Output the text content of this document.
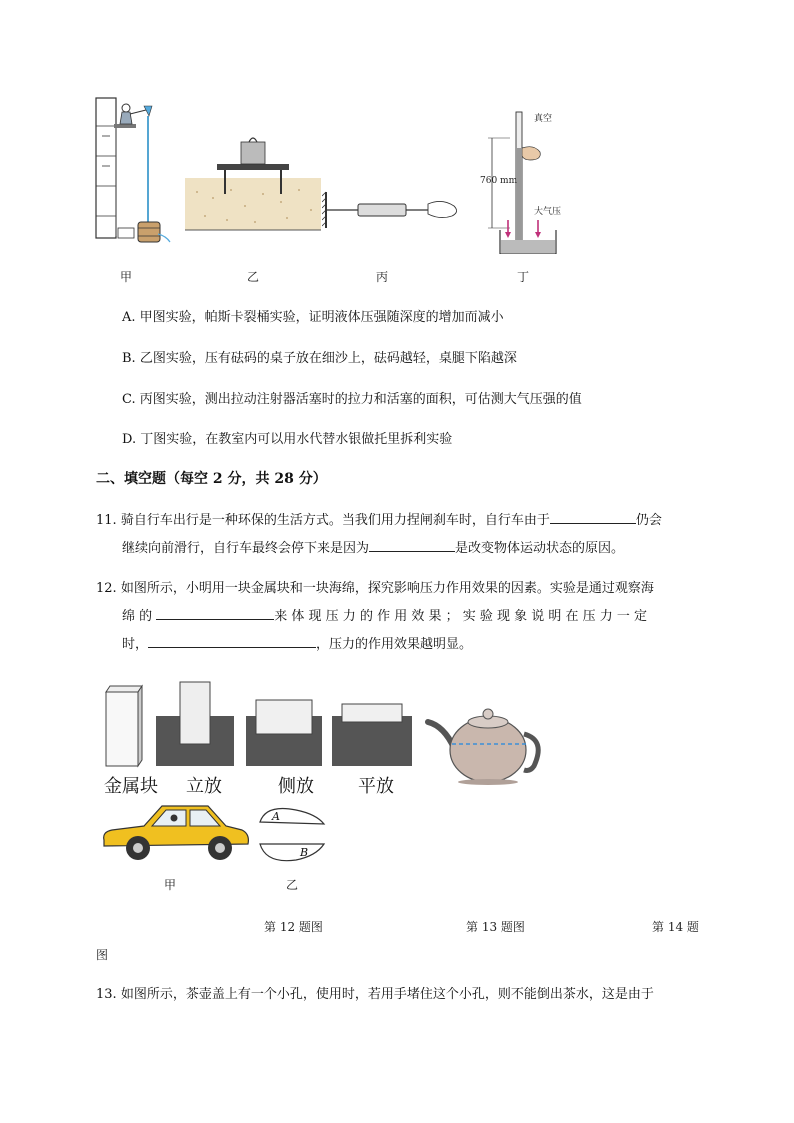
真空
760 mm
大气压
甲	乙	丙	丁
A. 甲图实验，帕斯卡裂桶实验，证明液体压强随深度的增加而减小
B. 乙图实验，压有砝码的桌子放在细沙上，砝码越轻，桌腿下陷越深
C. 丙图实验，测出拉动注射器活塞时的拉力和活塞的面积，可估测大气压强的值
D. 丁图实验，在教室内可以用水代替水银做托里拆利实验
二、填空题（每空 2 分，共 28 分）
11. 骑自行车出行是一种环保的生活方式。当我们用力捏闸刹车时，自行车由于	仍会
继续向前滑行，自行车最终会停下来是因为	是改变物体运动状态的原因。
12. 如图所示，小明用一块金属块和一块海绵，探究影响压力作用效果的因素。实验是通过观察海
绵 的	来 体 现 压 力 的 作 用 效 果 ； 实 验 现 象 说 明 在 压 力 一 定
时，	，压力的作用效果越明显。
金属块 立放	侧放 平放
A
B
甲	乙
第 12 题图	第 13 题图	第 14 题
图
13. 如图所示，茶壶盖上有一个小孔，使用时，若用手堵住这个小孔，则不能倒出茶水，这是由于
